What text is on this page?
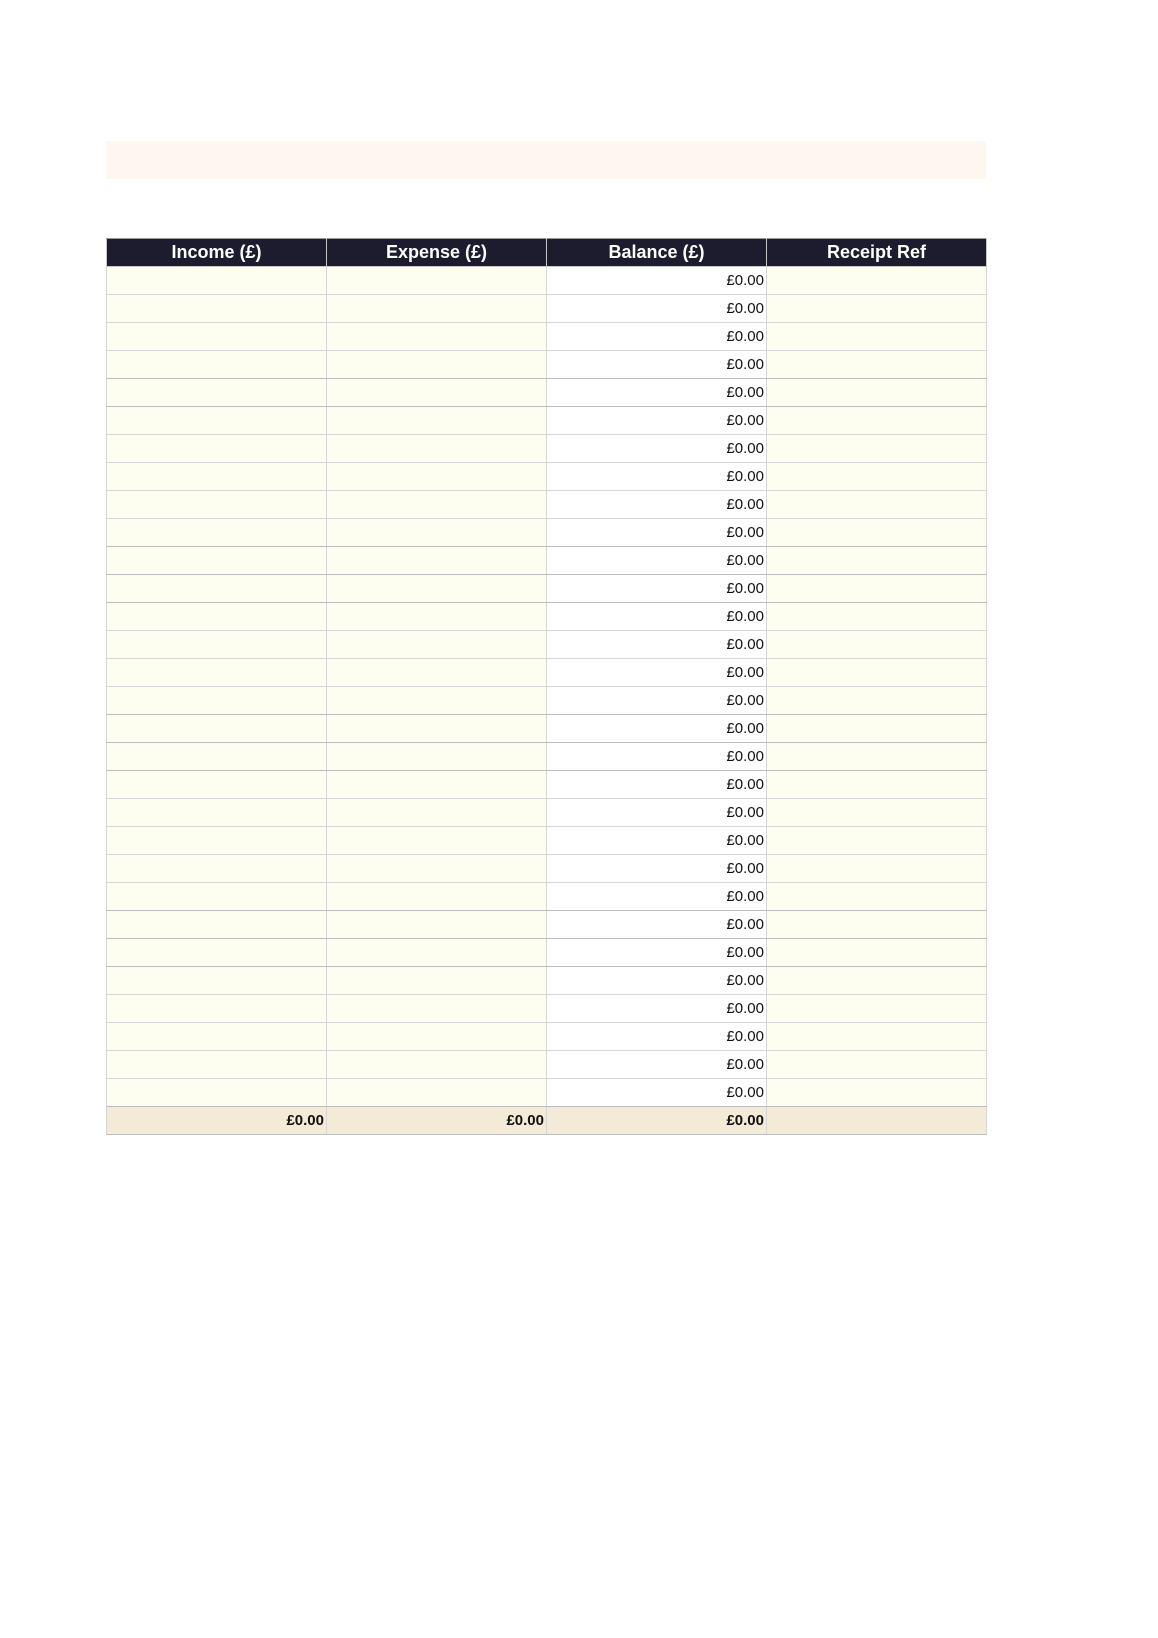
Income (£)	Expense (£)	Balance (£)	Receipt Ref
		£0.00	
		£0.00	
		£0.00	
		£0.00	
		£0.00	
		£0.00	
		£0.00	
		£0.00	
		£0.00	
		£0.00	
		£0.00	
		£0.00	
		£0.00	
		£0.00	
		£0.00	
		£0.00	
		£0.00	
		£0.00	
		£0.00	
		£0.00	
		£0.00	
		£0.00	
		£0.00	
		£0.00	
		£0.00	
		£0.00	
		£0.00	
		£0.00	
		£0.00	
		£0.00	
£0.00	£0.00	£0.00	
